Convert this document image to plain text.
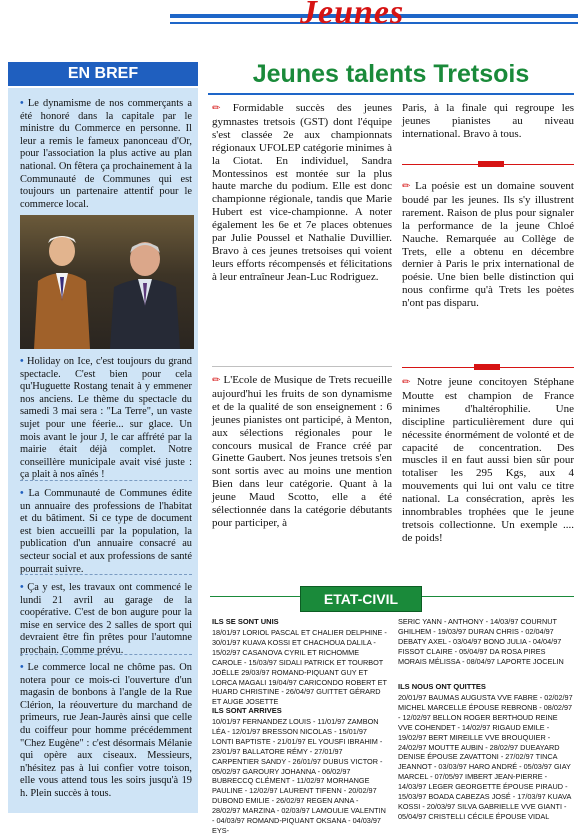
Jeunes
EN BREF	Jeunes talents Tretsois
• Le dynamisme de nos commerçants a été honoré dans la capitale par le ministre du Commerce en personne. Il leur a remis le fameux panonceau d'Or, pour l'association la plus active au plan national. On fêtera ça prochainement à la Communauté de Communes qui est toujours un partenaire attentif pour le commerce local.
• Holiday on Ice, c'est toujours du grand spectacle. C'est bien pour cela qu'Huguette Rostang tenait à y emmener nos anciens. Le thème du spectacle du samedi 3 mai sera : "La Terre", un vaste sujet pour une féerie... sur glace. Un mois avant le jour J, le car affrété par la mairie était déjà complet. Notre conseillère municipale avait visé juste : ça plait à nos aînés !
• La Communauté de Communes édite un annuaire des professions de l'habitat et du bâtiment. Si ce type de document est bien accueilli par la population, la publication d'un annuaire consacré au secteur social et aux professions de santé pourrait suivre.
• Ça y est, les travaux ont commencé le lundi 21 avril au garage de la coopérative. C'est de bon augure pour la mise en service des 2 salles de sport qui devraient être fin prêtes pour l'automne prochain. Comme prévu.
• Le commerce local ne chôme pas. On notera pour ce mois-ci l'ouverture d'un magasin de bonbons à l'angle de la Rue Clérion, la réouverture du marchand de primeurs, rue Jean-Jaurès ainsi que celle du coiffeur pour homme précédemment "Chez Eugène" : c'est désormais Mélanie qui opère aux ciseaux. Messieurs, n'hésitez pas à lui confier votre toison, elle vous attend tous les soirs jusqu'à 19 h. Plein succès à tous.
✏ Formidable succès des jeunes gymnastes tretsois (GST) dont l'équipe s'est classée 2e aux championnats régionaux UFOLEP catégorie minimes à la Ciotat. En individuel, Sandra Montessinos est montée sur la plus haute marche du podium. Elle est donc championne régionale, tandis que Marie Hubert est vice-championne. A noter également les 6e et 7e places obtenues par Julie Poussel et Nathalie Duvillier. Bravo à ces jeunes tretsoises qui voient leurs efforts récompensés et félicitations à leur entraîneur Jean-Luc Rodriguez.
✏ L'Ecole de Musique de Trets recueille aujourd'hui les fruits de son dynamisme et de la qualité de son enseignement : 6 jeunes pianistes ont participé, à Menton, aux sélections régionales pour le concours musical de France créé par Ginette Gaubert. Nos jeunes tretsois s'en sont sortis avec au moins une mention Bien dans leur catégorie. Quant à la jeune Maud Scotto, elle a été sélectionnée dans la catégorie débutants pour participer, à
Paris, à la finale qui regroupe les jeunes pianistes au niveau international. Bravo à tous.
✏ La poésie est un domaine souvent boudé par les jeunes. Ils s'y illustrent rarement. Raison de plus pour signaler la performance de la jeune Chloé Nauche. Remarquée au Collège de Trets, elle a obtenu en décembre dernier à Paris le prix international de poésie. Une bien belle distinction qui nous confirme qu'à Trets les poètes n'ont pas disparu.
✏ Notre jeune concitoyen Stéphane Moutte est champion de France minimes d'haltérophilie. Une discipline particulièrement dure qui nécessite énormément de volonté et de capacité de concentration. Des muscles il en faut aussi bien sûr pour totaliser les 295 Kgs, aux 4 mouvements qui lui ont valu ce titre national. La consécration, après les innombrables trophées que le jeune tretsois collectionne. Un exemple .... de poids!
ETAT-CIVIL
ILS SE SONT UNIS
18/01/97 LORIOL PASCAL ET CHALIER DELPHINE - 30/01/97 KUAVA KOSSI ET CHACHOUA DALILA - 15/02/97 CASANOVA CYRIL ET RICHOMME CAROLE - 15/03/97 SIDALI PATRICK ET TOURBOT JOËLLE 29/03/97 ROMAND-PIQUANT GUY ET LORCA MAGALI 19/04/97 CARICONDO ROBERT ET HUARD CHRISTINE - 26/04/97 GUITTET GÉRARD ET AUGE JOSETTE
ILS SONT ARRIVES
10/01/97 FERNANDEZ LOUIS - 11/01/97 ZAMBON LÉA - 12/01/97 BRESSON NICOLAS - 15/01/97 LONTI BAPTISTE - 21/01/97 EL YOUSFI IBRAHIM - 23/01/97 BALLATORE RÉMY - 27/01/97 CARPENTIER SANDY - 26/01/97 DUBUS VICTOR - 05/02/97 GAROURY JOHANNA - 06/02/97 BUBRECCQ CLÉMENT - 11/02/97 MORHANGE PAULINE - 12/02/97 LAURENT TIFENN - 20/02/97 DUBOND EMILIE - 26/02/97 REGEN ANNA - 28/02/97 MARZINA - 02/03/97 LAMOULIE VALENTIN - 04/03/97 ROMAND-PIQUANT OKSANA - 04/03/97 EYS-
SERIC YANN - ANTHONY - 14/03/97 COURNUT GHILHEM - 19/03/97 DURAN CHRIS - 02/04/97 DEBATY AXEL - 03/04/97 BONO JULIA - 04/04/97 FISSOT CLAIRE - 05/04/97 DA ROSA PIRES MORAIS MÉLISSA - 08/04/97 LAPORTE JOCELIN
ILS NOUS ONT QUITTES
20/01/97 BAUMAS AUGUSTA VVE FABRE - 02/02/97 MICHEL MARCELLE ÉPOUSE REBRONB - 08/02/97 - 12/02/97 BELLON ROGER BERTHOUD REINE VVE COHENDET - 14/02/97 RIGAUD EMILE - 19/02/97 BERT MIREILLE VVE BROUQUIER - 24/02/97 MOUTTE AUBIN - 28/02/97 DUEAYARD DENISE ÉPOUSE ZAVATTONI - 27/02/97 TINCA JEANNOT - 03/03/97 HARO ANDRÉ - 05/03/97 GIAY MARCEL - 07/05/97 IMBERT JEAN-PIERRE - 14/03/97 LEGER GEORGETTE ÉPOUSE PIRAUD - 15/03/97 BOADA CABEZAS JOSÉ - 17/03/97 KUAVA KOSSI - 20/03/97 SILVA GABRIELLE VVE GIANTI - 05/04/97 CRISTELLI CÉCILE ÉPOUSE VIDAL
